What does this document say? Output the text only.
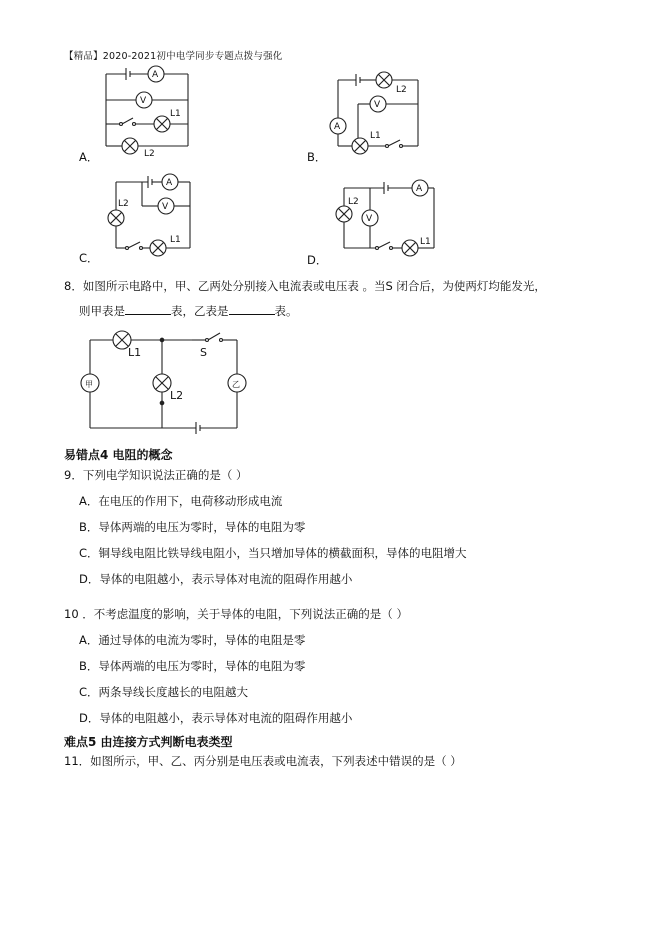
【精品】2020-2021初中电学同步专题点拨与强化
A
V
L1
L2
A．
L2
V
A
L1
B．
A
L2	V
L1
C．
A
L2
V
L1
D．
8．如图所示电路中，甲、乙两处分别接入电流表或电压表 。当S 闭合后，为使两灯均能发光，
则甲表是	表，乙表是	表。
L1	S
甲
L2
乙
易错点4 电阻的概念
9．下列电学知识说法正确的是（ ）
A．在电压的作用下，电荷移动形成电流
B．导体两端的电压为零时，导体的电阻为零
C．铜导线电阻比铁导线电阻小，当只增加导体的横截面积，导体的电阻增大
D．导体的电阻越小，表示导体对电流的阻碍作用越小
10 ．不考虑温度的影响，关于导体的电阻，下列说法正确的是（ ）
A．通过导体的电流为零时，导体的电阻是零
B．导体两端的电压为零时，导体的电阻为零
C．两条导线长度越长的电阻越大
D．导体的电阻越小，表示导体对电流的阻碍作用越小
难点5 由连接方式判断电表类型
11．如图所示，甲、乙、丙分别是电压表或电流表，下列表述中错误的是（ ）
